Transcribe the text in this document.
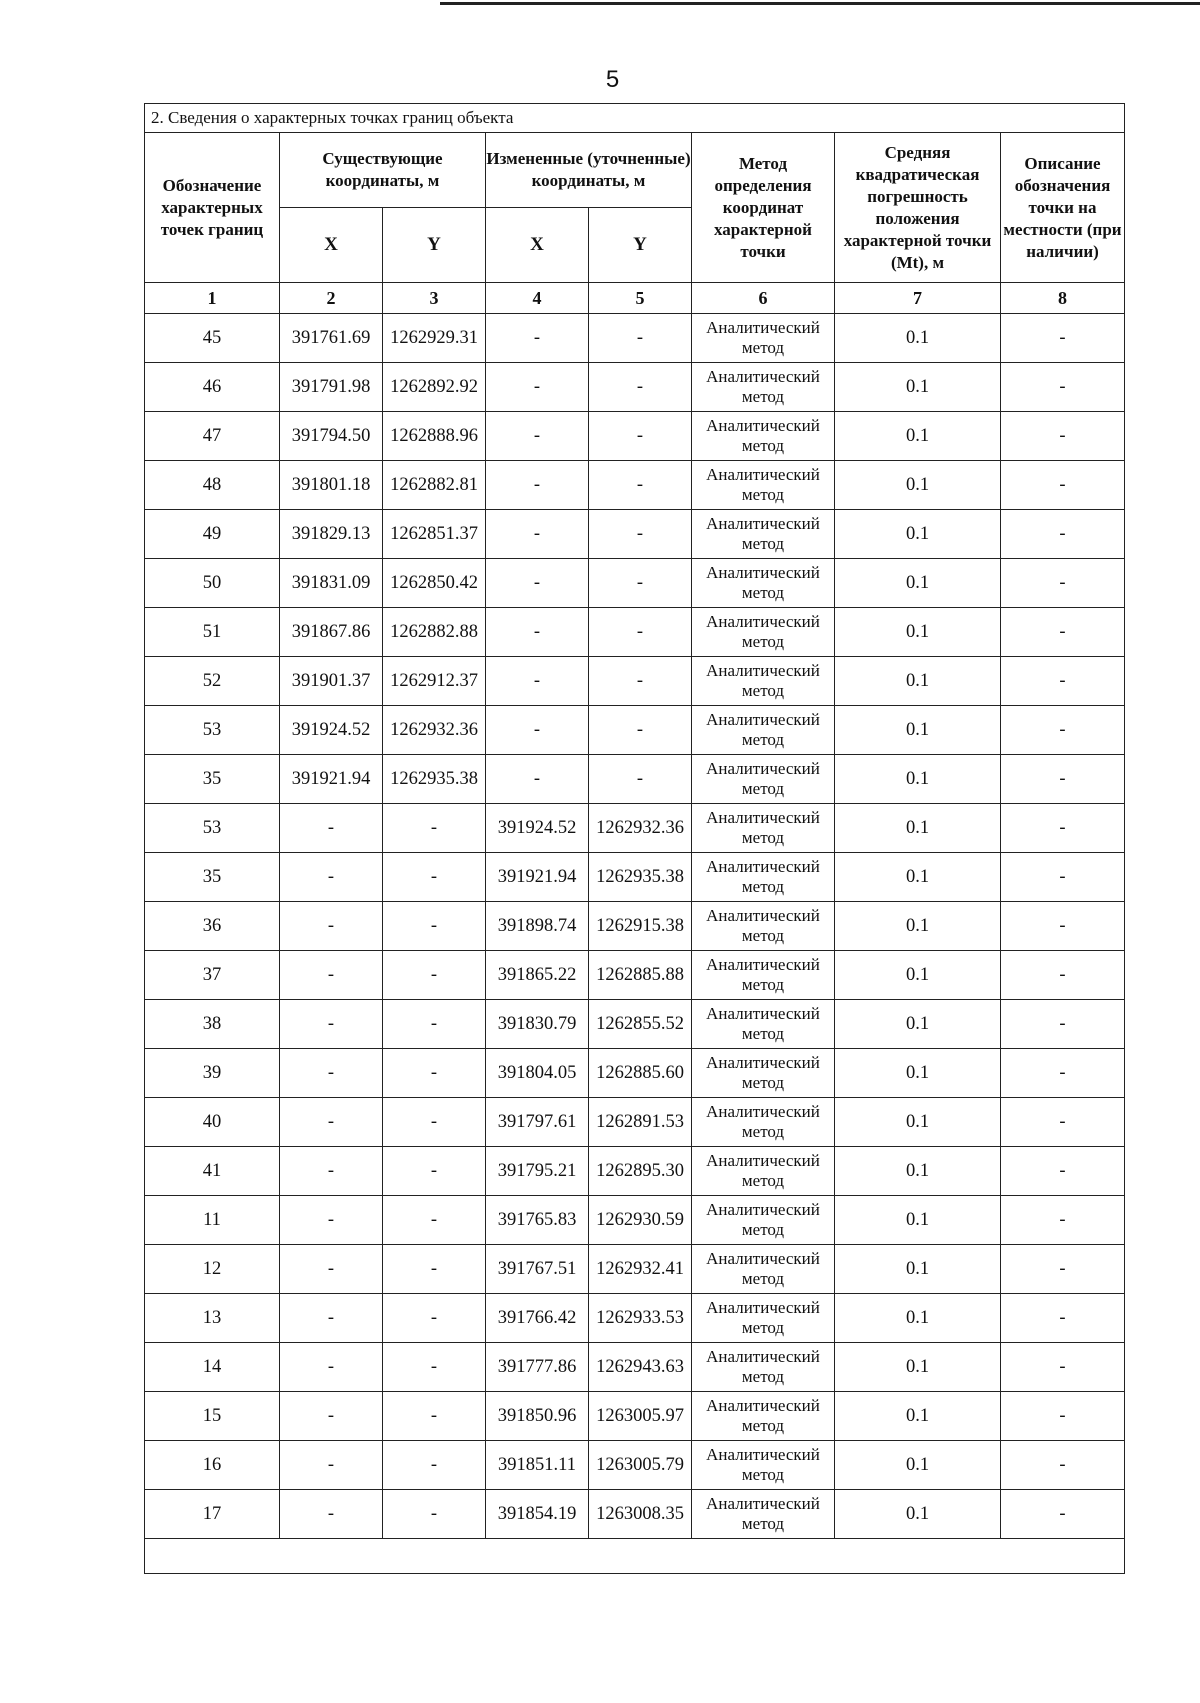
5
2. Сведения о характерных точках границ объекта							
Обозначение характерных точек границ	Существующие координаты, м		Измененные (уточненные) координаты, м		Метод определения координат характерной точки	Средняя квадратическая погрешность положения характерной точки (Mt), м	Описание обозначения точки на местности (при наличии)
	X	Y	X	Y			
1	2	3	4	5	6	7	8
45	391761.69	1262929.31	-	-	Аналитический метод	0.1	-
46	391791.98	1262892.92	-	-	Аналитический метод	0.1	-
47	391794.50	1262888.96	-	-	Аналитический метод	0.1	-
48	391801.18	1262882.81	-	-	Аналитический метод	0.1	-
49	391829.13	1262851.37	-	-	Аналитический метод	0.1	-
50	391831.09	1262850.42	-	-	Аналитический метод	0.1	-
51	391867.86	1262882.88	-	-	Аналитический метод	0.1	-
52	391901.37	1262912.37	-	-	Аналитический метод	0.1	-
53	391924.52	1262932.36	-	-	Аналитический метод	0.1	-
35	391921.94	1262935.38	-	-	Аналитический метод	0.1	-
53	-	-	391924.52	1262932.36	Аналитический метод	0.1	-
35	-	-	391921.94	1262935.38	Аналитический метод	0.1	-
36	-	-	391898.74	1262915.38	Аналитический метод	0.1	-
37	-	-	391865.22	1262885.88	Аналитический метод	0.1	-
38	-	-	391830.79	1262855.52	Аналитический метод	0.1	-
39	-	-	391804.05	1262885.60	Аналитический метод	0.1	-
40	-	-	391797.61	1262891.53	Аналитический метод	0.1	-
41	-	-	391795.21	1262895.30	Аналитический метод	0.1	-
11	-	-	391765.83	1262930.59	Аналитический метод	0.1	-
12	-	-	391767.51	1262932.41	Аналитический метод	0.1	-
13	-	-	391766.42	1262933.53	Аналитический метод	0.1	-
14	-	-	391777.86	1262943.63	Аналитический метод	0.1	-
15	-	-	391850.96	1263005.97	Аналитический метод	0.1	-
16	-	-	391851.11	1263005.79	Аналитический метод	0.1	-
17	-	-	391854.19	1263008.35	Аналитический метод	0.1	-
